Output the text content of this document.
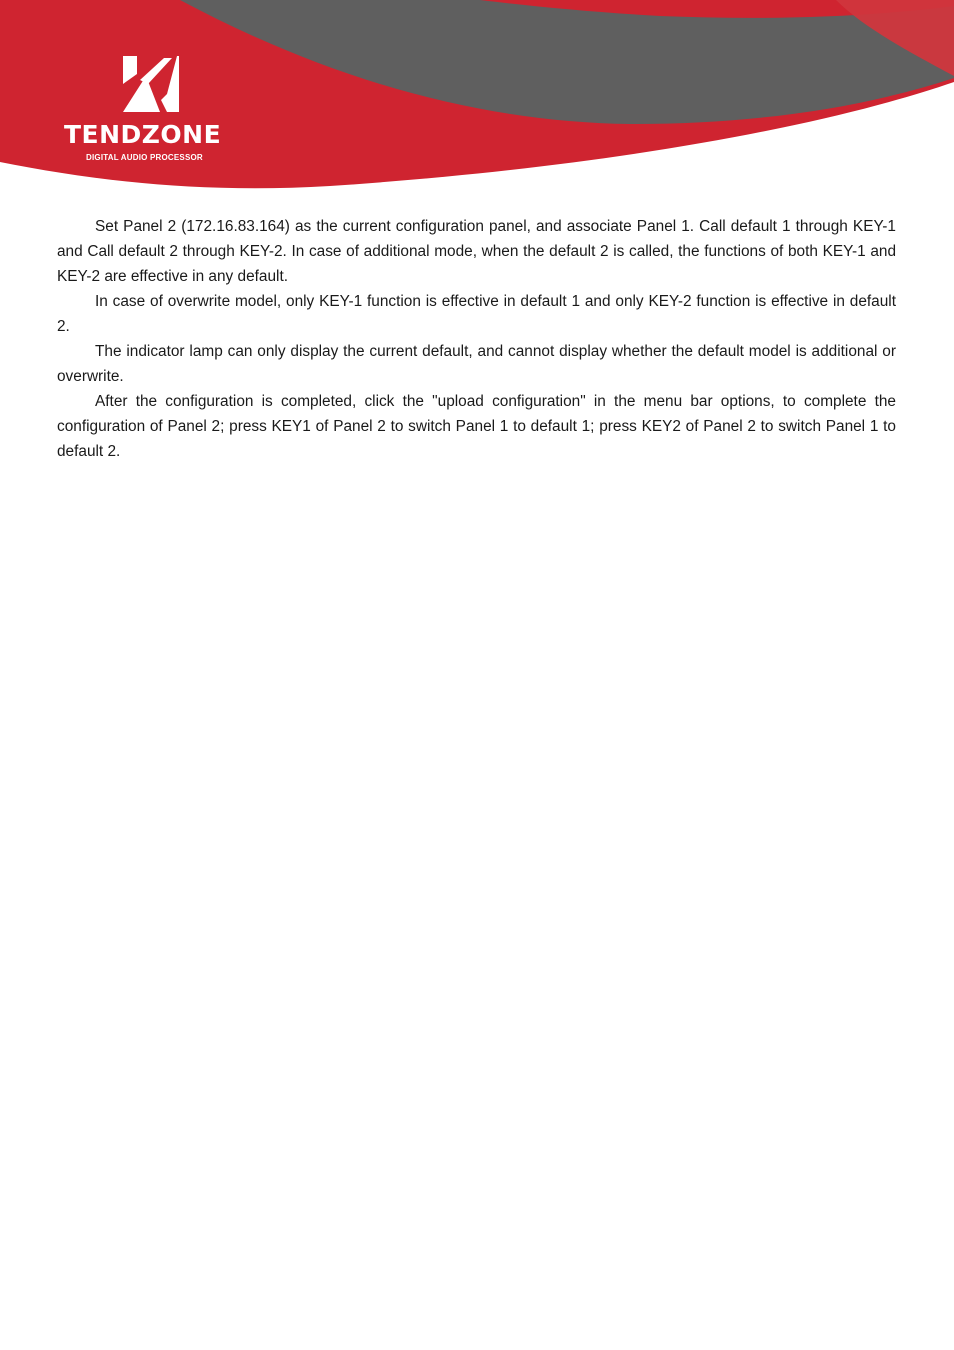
TENDZONE
DIGITAL AUDIO PROCESSOR

Set Panel 2 (172.16.83.164) as the current configuration panel, and associate Panel 1. Call default 1 through KEY-1 and Call default 2 through KEY-2. In case of additional mode, when the default 2 is called, the functions of both KEY-1 and KEY-2 are effective in any default.

In case of overwrite model, only KEY-1 function is effective in default 1 and only KEY-2 function is effective in default 2.

The indicator lamp can only display the current default, and cannot display whether the default model is additional or overwrite.

After the configuration is completed, click the "upload configuration" in the menu bar options, to complete the configuration of Panel 2; press KEY1 of Panel 2 to switch Panel 1 to default 1; press KEY2 of Panel 2 to switch Panel 1 to default 2.
